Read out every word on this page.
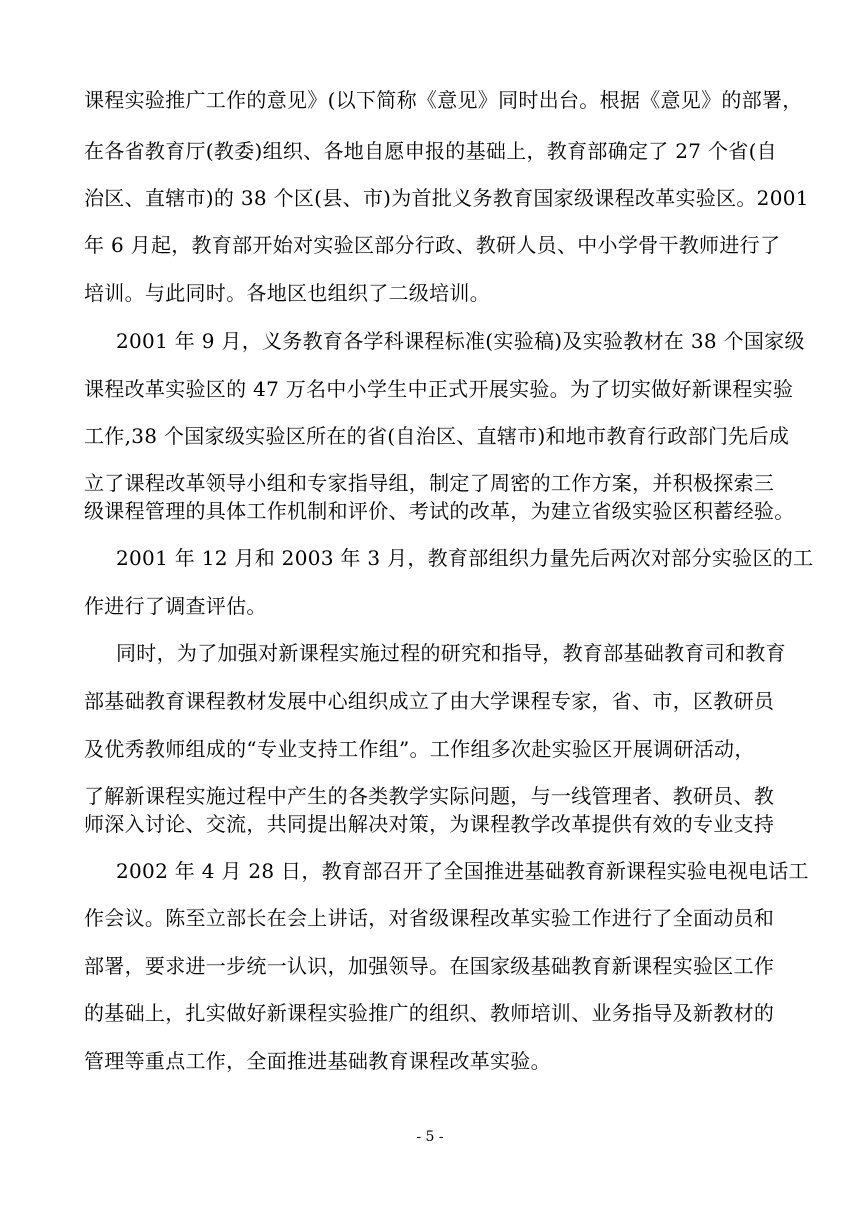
课程实验推广工作的意见》(以下简称《意见》同时出台。根据《意见》的部署，
在各省教育厅(教委)组织、各地自愿申报的基础上，教育部确定了 27 个省(自
治区、直辖市)的 38 个区(县、市)为首批义务教育国家级课程改革实验区。2001
年 6 月起，教育部开始对实验区部分行政、教研人员、中小学骨干教师进行了
培训。与此同时。各地区也组织了二级培训。
2001 年 9 月，义务教育各学科课程标准(实验稿)及实验教材在 38 个国家级
课程改革实验区的 47 万名中小学生中正式开展实验。为了切实做好新课程实验
工作,38 个国家级实验区所在的省(自治区、直辖市)和地市教育行政部门先后成
立了课程改革领导小组和专家指导组，制定了周密的工作方案，并积极探索三
级课程管理的具体工作机制和评价、考试的改革，为建立省级实验区积蓄经验。
2001 年 12 月和 2003 年 3 月，教育部组织力量先后两次对部分实验区的工
作进行了调查评估。
同时，为了加强对新课程实施过程的研究和指导，教育部基础教育司和教育
部基础教育课程教材发展中心组织成立了由大学课程专家，省、市，区教研员
及优秀教师组成的“专业支持工作组”。工作组多次赴实验区开展调研活动，
了解新课程实施过程中产生的各类教学实际问题，与一线管理者、教研员、教
师深入讨论、交流，共同提出解决对策，为课程教学改革提供有效的专业支持
2002 年 4 月 28 日，教育部召开了全国推进基础教育新课程实验电视电话工
作会议。陈至立部长在会上讲话，对省级课程改革实验工作进行了全面动员和
部署，要求进一步统一认识，加强领导。在国家级基础教育新课程实验区工作
的基础上，扎实做好新课程实验推广的组织、教师培训、业务指导及新教材的
管理等重点工作，全面推进基础教育课程改革实验。
- 5 -
